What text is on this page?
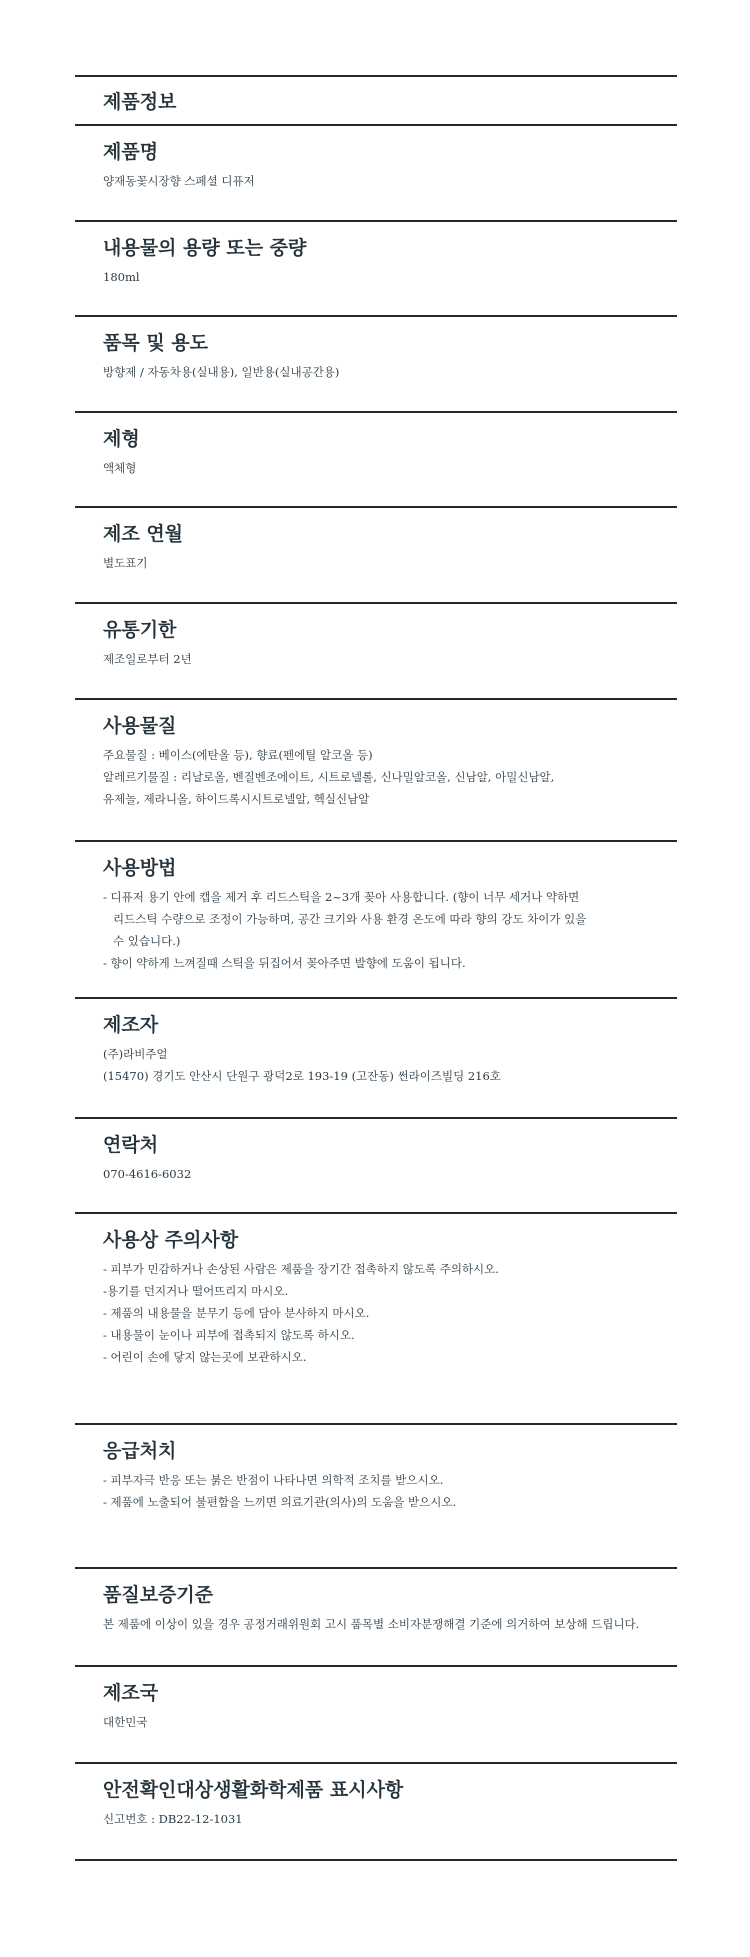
제품정보
제품명
양재동꽃시장향 스페셜 디퓨저
내용물의 용량 또는 중량
180ml
품목 및 용도
방향제 / 자동차용(실내용), 일반용(실내공간용)
제형
액체형
제조 연월
별도표기
유통기한
제조일로부터 2년
사용물질
주요물질 : 베이스(에탄올 등), 향료(펜에틸 알코올 등)
알레르기물질 : 리날로올, 벤질벤조에이트, 시트로넬롤, 신나밀알코올, 신남알, 아밀신남알,
유제놀, 제라니올, 하이드록시시트로넬알, 헥실신남알
사용방법
- 디퓨저 용기 안에 캡을 제거 후 리드스틱을 2~3개 꽂아 사용합니다. (향이 너무 세거나 약하면
리드스틱 수량으로 조정이 가능하며, 공간 크기와 사용 환경 온도에 따라 향의 강도 차이가 있을
수 있습니다.)
- 향이 약하게 느껴질때 스틱을 뒤집어서 꽂아주면 발향에 도움이 됩니다.
제조자
(주)라비주얼
(15470) 경기도 안산시 단원구 광덕2로 193-19 (고잔동) 썬라이즈빌딩 216호
연락처
070-4616-6032
사용상 주의사항
- 피부가 민감하거나 손상된 사람은 제품을 장기간 접촉하지 않도록 주의하시오.
-용기를 던지거나 떨어뜨리지 마시오.
- 제품의 내용물을 분무기 등에 담아 분사하지 마시오.
- 내용물이 눈이나 피부에 접촉되지 않도록 하시오.
- 어린이 손에 닿지 않는곳에 보관하시오.
응급처치
- 피부자극 반응 또는 붉은 반점이 나타나면 의학적 조치를 받으시오.
- 제품에 노출되어 불편함을 느끼면 의료기관(의사)의 도움을 받으시오.
품질보증기준
본 제품에 이상이 있을 경우 공정거래위원회 고시 품목별 소비자분쟁해결 기준에 의거하여 보상해 드립니다.
제조국
대한민국
안전확인대상생활화학제품 표시사항
신고번호 : DB22-12-1031
